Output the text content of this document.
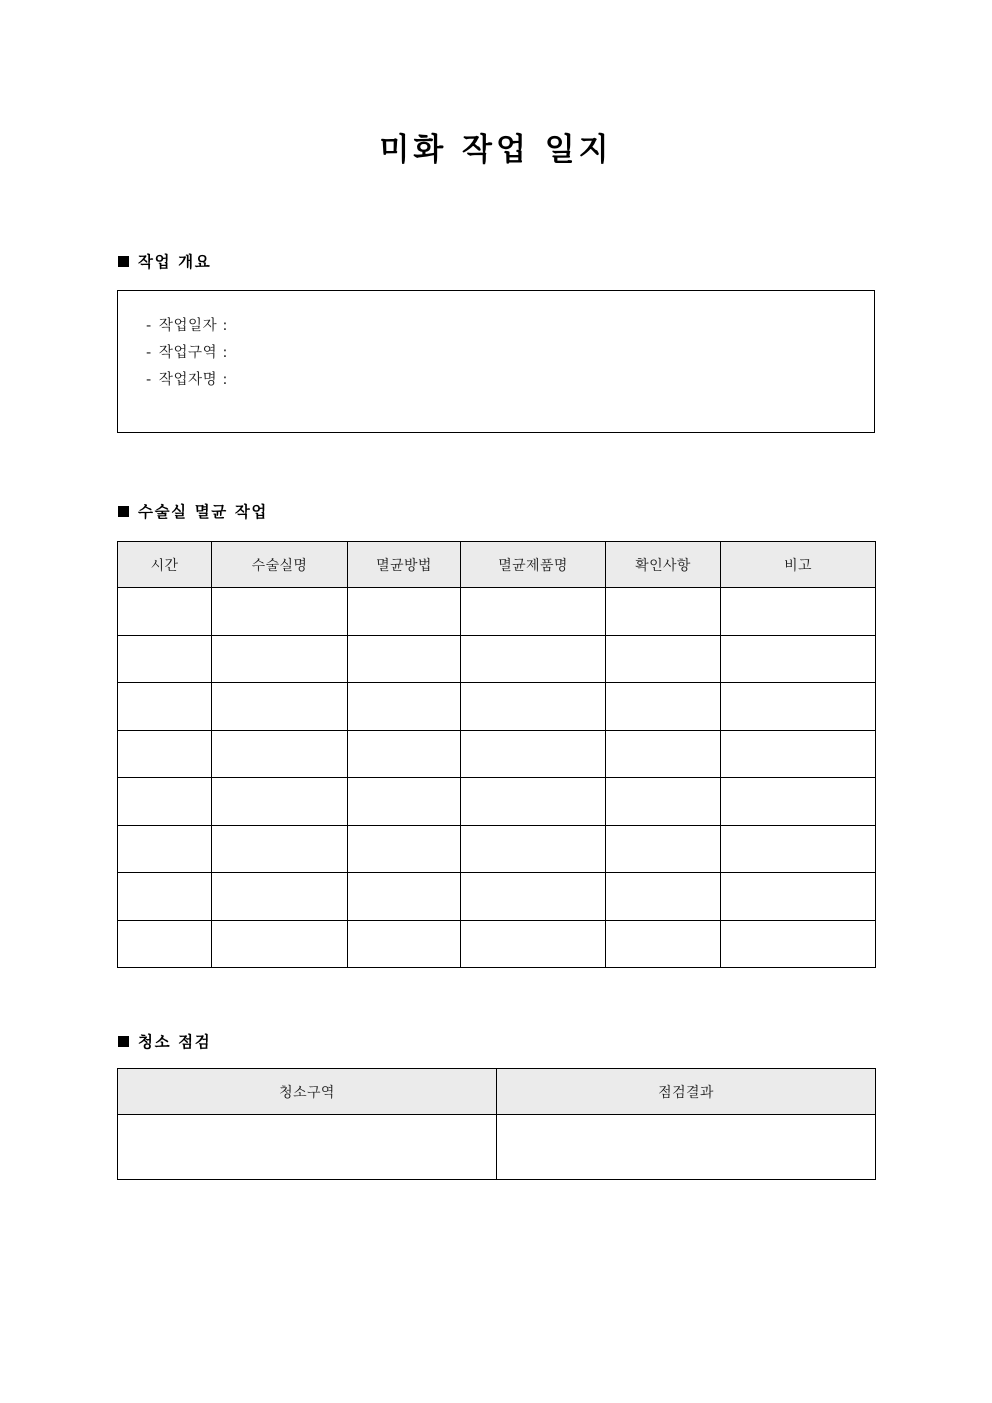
미화 작업 일지
작업 개요
- 작업일자 :
- 작업구역 :
- 작업자명 :
수술실 멸균 작업
시간	수술실명	멸균방법	멸균제품명	확인사항	비고

청소 점검
청소구역	점검결과
